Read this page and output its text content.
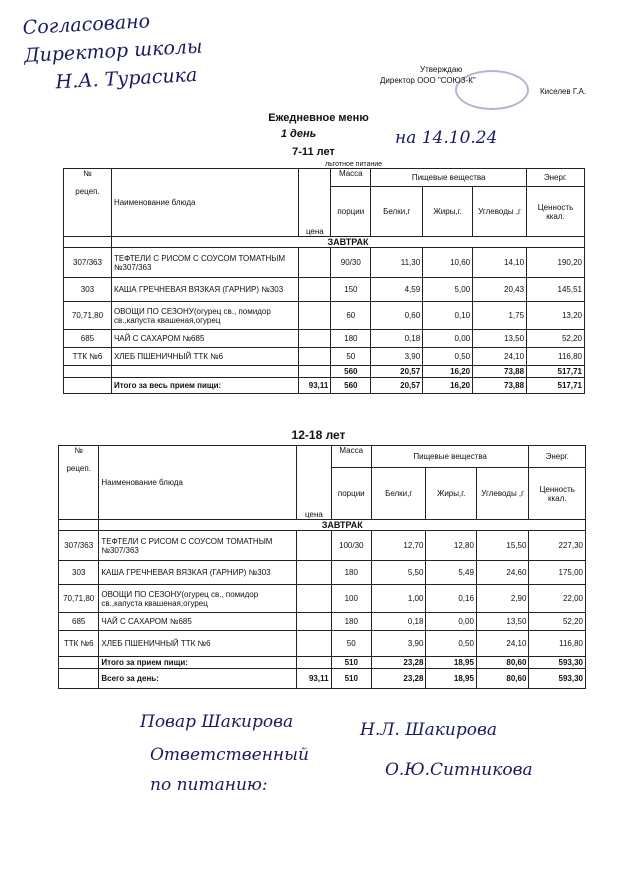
Согласовано
Директор школы
Н.А. Турасика	Утверждаю
Директор ООО "СОЮЗ-К"
Киселев Г.А.
Ежедневное меню
1 день	на 14.10.24
7-11 лет
льготное питание
№

рецеп.	Наименование блюда	цена	Масса	Пищевые вещества			Энерг.
			порции	Белки,г	Жиры,г.	Углеводы ,г	Ценность ккал.
	ЗАВТРАК						
307/363	ТЕФТЕЛИ С РИСОМ С СОУСОМ ТОМАТНЫМ №307/363		90/30	11,30	10,60	14,10	190,20
303	КАША ГРЕЧНЕВАЯ ВЯЗКАЯ (ГАРНИР) №303		150	4,59	5,00	20,43	145,51
70,71,80	ОВОЩИ ПО СЕЗОНУ(огурец св., помидор св.,капуста квашеная,огурец		60	0,60	0,10	1,75	13,20
685	ЧАЙ С САХАРОМ №685		180	0,18	0,00	13,50	52,20
ТТК №6	ХЛЕБ ПШЕНИЧНЫЙ ТТК №6		50	3,90	0,50	24,10	116,80
			560	20,57	16,20	73,88	517,71
	Итого за весь прием пищи:	93,11	560	20,57	16,20	73,88	517,71
12-18 лет
№

рецеп.	Наименование блюда	цена	Масса	Пищевые вещества			Энерг.
			порции	Белки,г	Жиры,г.	Углеводы ,г	Ценность ккал.
	ЗАВТРАК						
307/363	ТЕФТЕЛИ С РИСОМ С СОУСОМ ТОМАТНЫМ №307/363		100/30	12,70	12,80	15,50	227,30
303	КАША ГРЕЧНЕВАЯ ВЯЗКАЯ (ГАРНИР) №303		180	5,50	5,49	24,60	175,00
70,71,80	ОВОЩИ ПО СЕЗОНУ(огурец св., помидор св.,капуста квашеная,огурец		100	1,00	0,16	2,90	22,00
685	ЧАЙ С САХАРОМ №685		180	0,18	0,00	13,50	52,20
ТТК №6	ХЛЕБ ПШЕНИЧНЫЙ ТТК №6		50	3,90	0,50	24,10	116,80
	Итого за прием пищи:		510	23,28	18,95	80,60	593,30
	Всего за день:	93,11	510	23,28	18,95	80,60	593,30
Повар Шакирова	Н.Л. Шакирова
Ответственный
по питанию:
О.Ю.Ситникова
